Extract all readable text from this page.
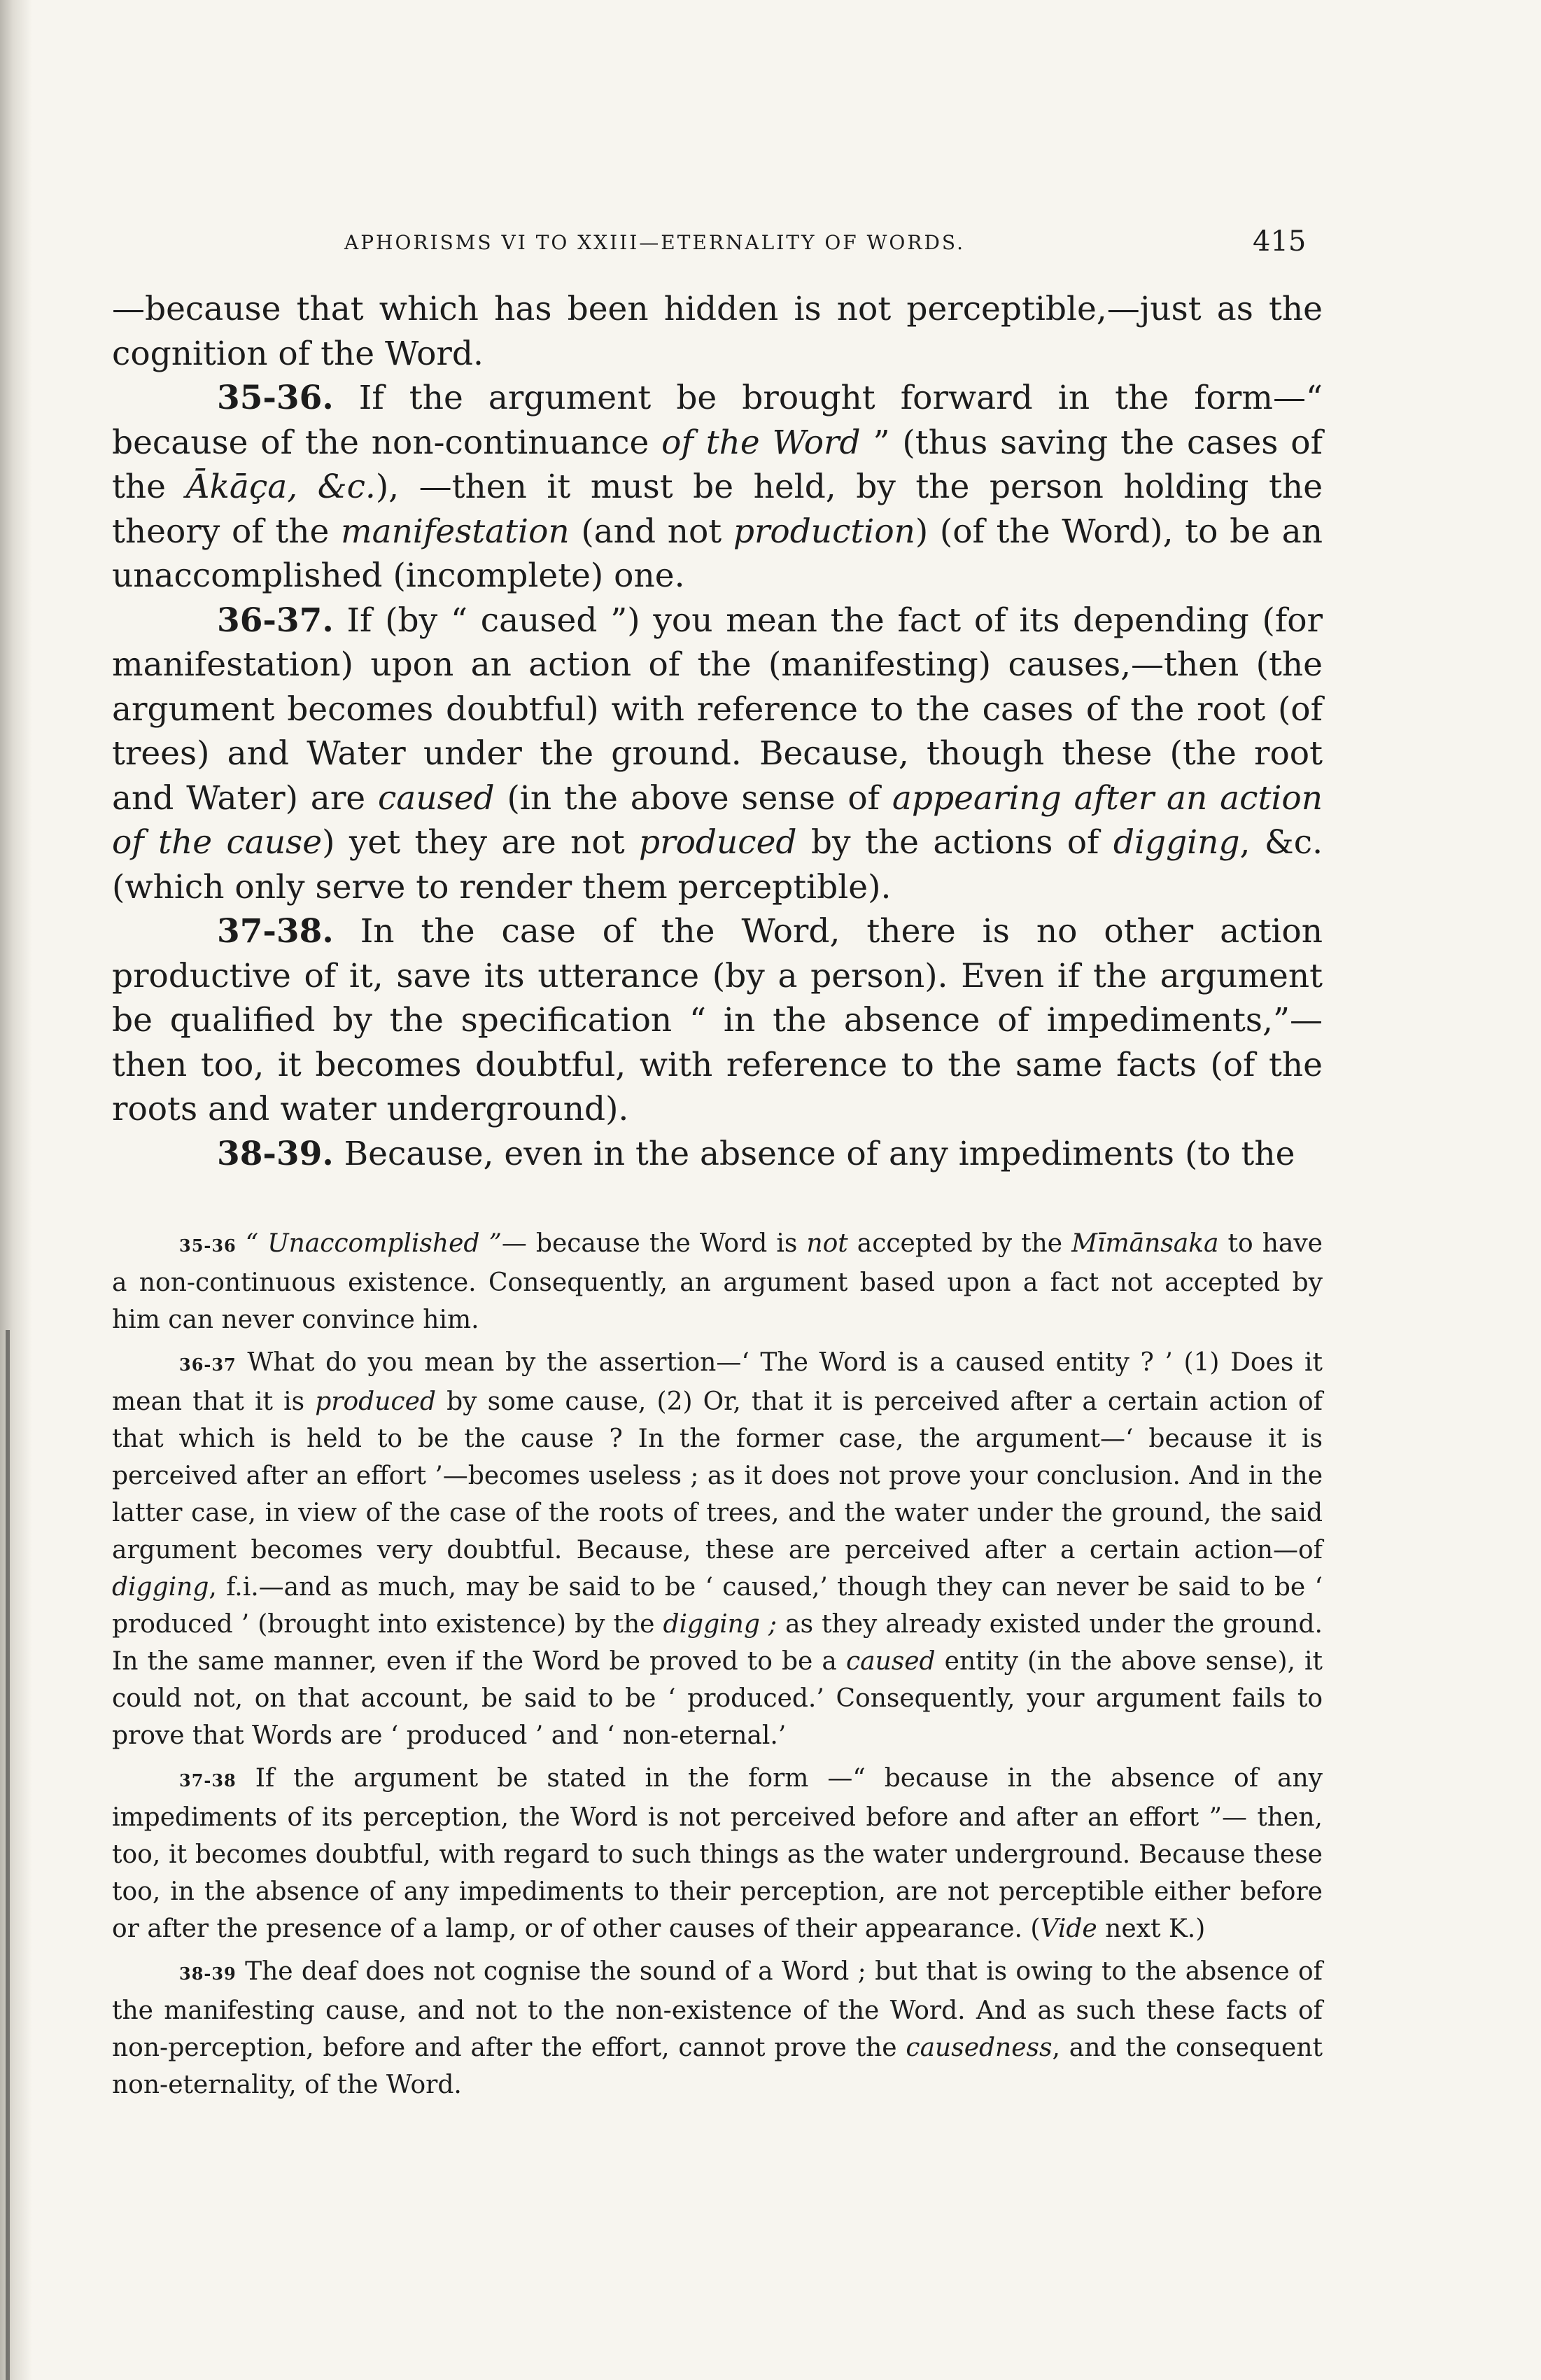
APHORISMS VI TO XXIII—ETERNALITY OF WORDS.	415

—because that which has been hidden is not perceptible,—just as the cognition of the Word.

35-36. If the argument be brought forward in the form—“ because of the non-continuance of the Word ” (thus saving the cases of the Ākāça, &c.), —then it must be held, by the person holding the theory of the manifestation (and not production) (of the Word), to be an unaccomplished (incomplete) one.

36-37. If (by “ caused ”) you mean the fact of its depending (for manifestation) upon an action of the (manifesting) causes,—then (the argument becomes doubtful) with reference to the cases of the root (of trees) and Water under the ground. Because, though these (the root and Water) are caused (in the above sense of appearing after an action of the cause) yet they are not produced by the actions of digging, &c. (which only serve to render them perceptible).

37-38. In the case of the Word, there is no other action productive of it, save its utterance (by a person). Even if the argument be qualified by the specification “ in the absence of impediments,”—then too, it becomes doubtful, with reference to the same facts (of the roots and water underground).

38-39. Because, even in the absence of any impediments (to the

35-36 “ Unaccomplished ”— because the Word is not accepted by the Mīmānsaka to have a non-continuous existence. Consequently, an argument based upon a fact not accepted by him can never convince him.

36-37 What do you mean by the assertion—‘ The Word is a caused entity ? ’ (1) Does it mean that it is produced by some cause, (2) Or, that it is perceived after a certain action of that which is held to be the cause ? In the former case, the argument—‘ because it is perceived after an effort ’—becomes useless ; as it does not prove your conclusion. And in the latter case, in view of the case of the roots of trees, and the water under the ground, the said argument becomes very doubtful. Because, these are perceived after a certain action—of digging, f.i.—and as much, may be said to be ‘ caused,’ though they can never be said to be ‘ produced ’ (brought into existence) by the digging ; as they already existed under the ground. In the same manner, even if the Word be proved to be a caused entity (in the above sense), it could not, on that account, be said to be ‘ produced.’ Consequently, your argument fails to prove that Words are ‘ produced ’ and ‘ non-eternal.’

37-38 If the argument be stated in the form —“ because in the absence of any impediments of its perception, the Word is not perceived before and after an effort ”— then, too, it becomes doubtful, with regard to such things as the water underground. Because these too, in the absence of any impediments to their perception, are not perceptible either before or after the presence of a lamp, or of other causes of their appearance. (Vide next K.)

38-39 The deaf does not cognise the sound of a Word ; but that is owing to the absence of the manifesting cause, and not to the non-existence of the Word. And as such these facts of non-perception, before and after the effort, cannot prove the causedness, and the consequent non-eternality, of the Word.
